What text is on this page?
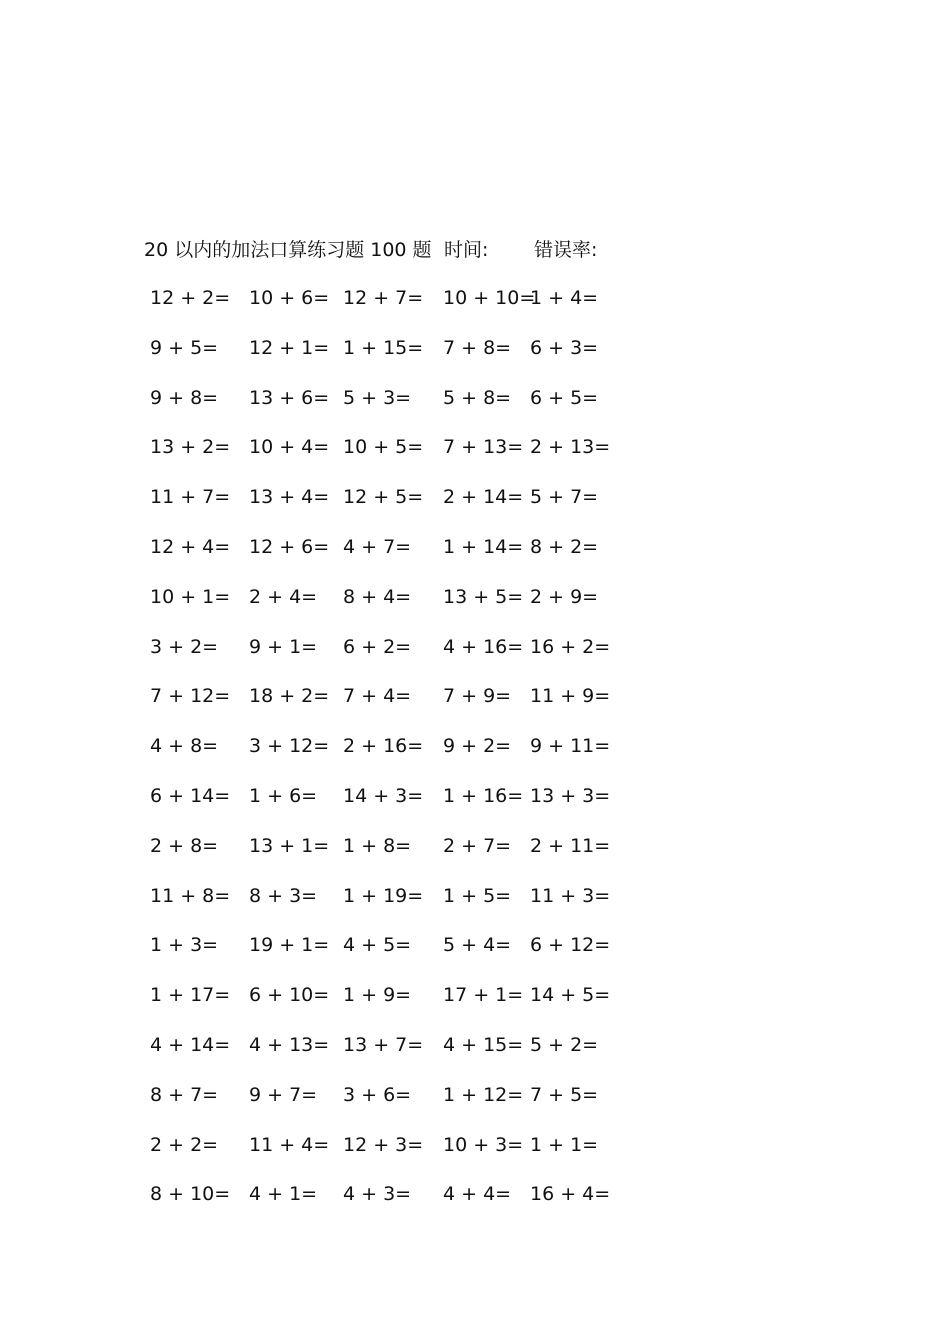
20 以内的加法口算练习题 100 题 时间: 错误率:
12 + 2= 10 + 6= 12 + 7= 10 + 10=
1 + 4=
9 + 5= 12 + 1= 1 + 15= 7 + 8= 6 + 3=
9 + 8= 13 + 6= 5 + 3= 5 + 8= 6 + 5=
13 + 2= 10 + 4= 10 + 5= 7 + 13= 2 + 13=
11 + 7= 13 + 4= 12 + 5= 2 + 14= 5 + 7=
12 + 4= 12 + 6= 4 + 7= 1 + 14= 8 + 2=
10 + 1= 2 + 4= 8 + 4= 13 + 5= 2 + 9=
3 + 2= 9 + 1= 6 + 2= 4 + 16= 16 + 2=
7 + 12= 18 + 2= 7 + 4= 7 + 9= 11 + 9=
4 + 8= 3 + 12= 2 + 16= 9 + 2= 9 + 11=
6 + 14= 1 + 6= 14 + 3= 1 + 16= 13 + 3=
2 + 8= 13 + 1= 1 + 8= 2 + 7= 2 + 11=
11 + 8= 8 + 3= 1 + 19= 1 + 5= 11 + 3=
1 + 3= 19 + 1= 4 + 5= 5 + 4= 6 + 12=
1 + 17= 6 + 10= 1 + 9= 17 + 1= 14 + 5=
4 + 14= 4 + 13= 13 + 7= 4 + 15= 5 + 2=
8 + 7= 9 + 7= 3 + 6= 1 + 12= 7 + 5=
2 + 2= 11 + 4= 12 + 3= 10 + 3= 1 + 1=
8 + 10= 4 + 1= 4 + 3= 4 + 4= 16 + 4=
